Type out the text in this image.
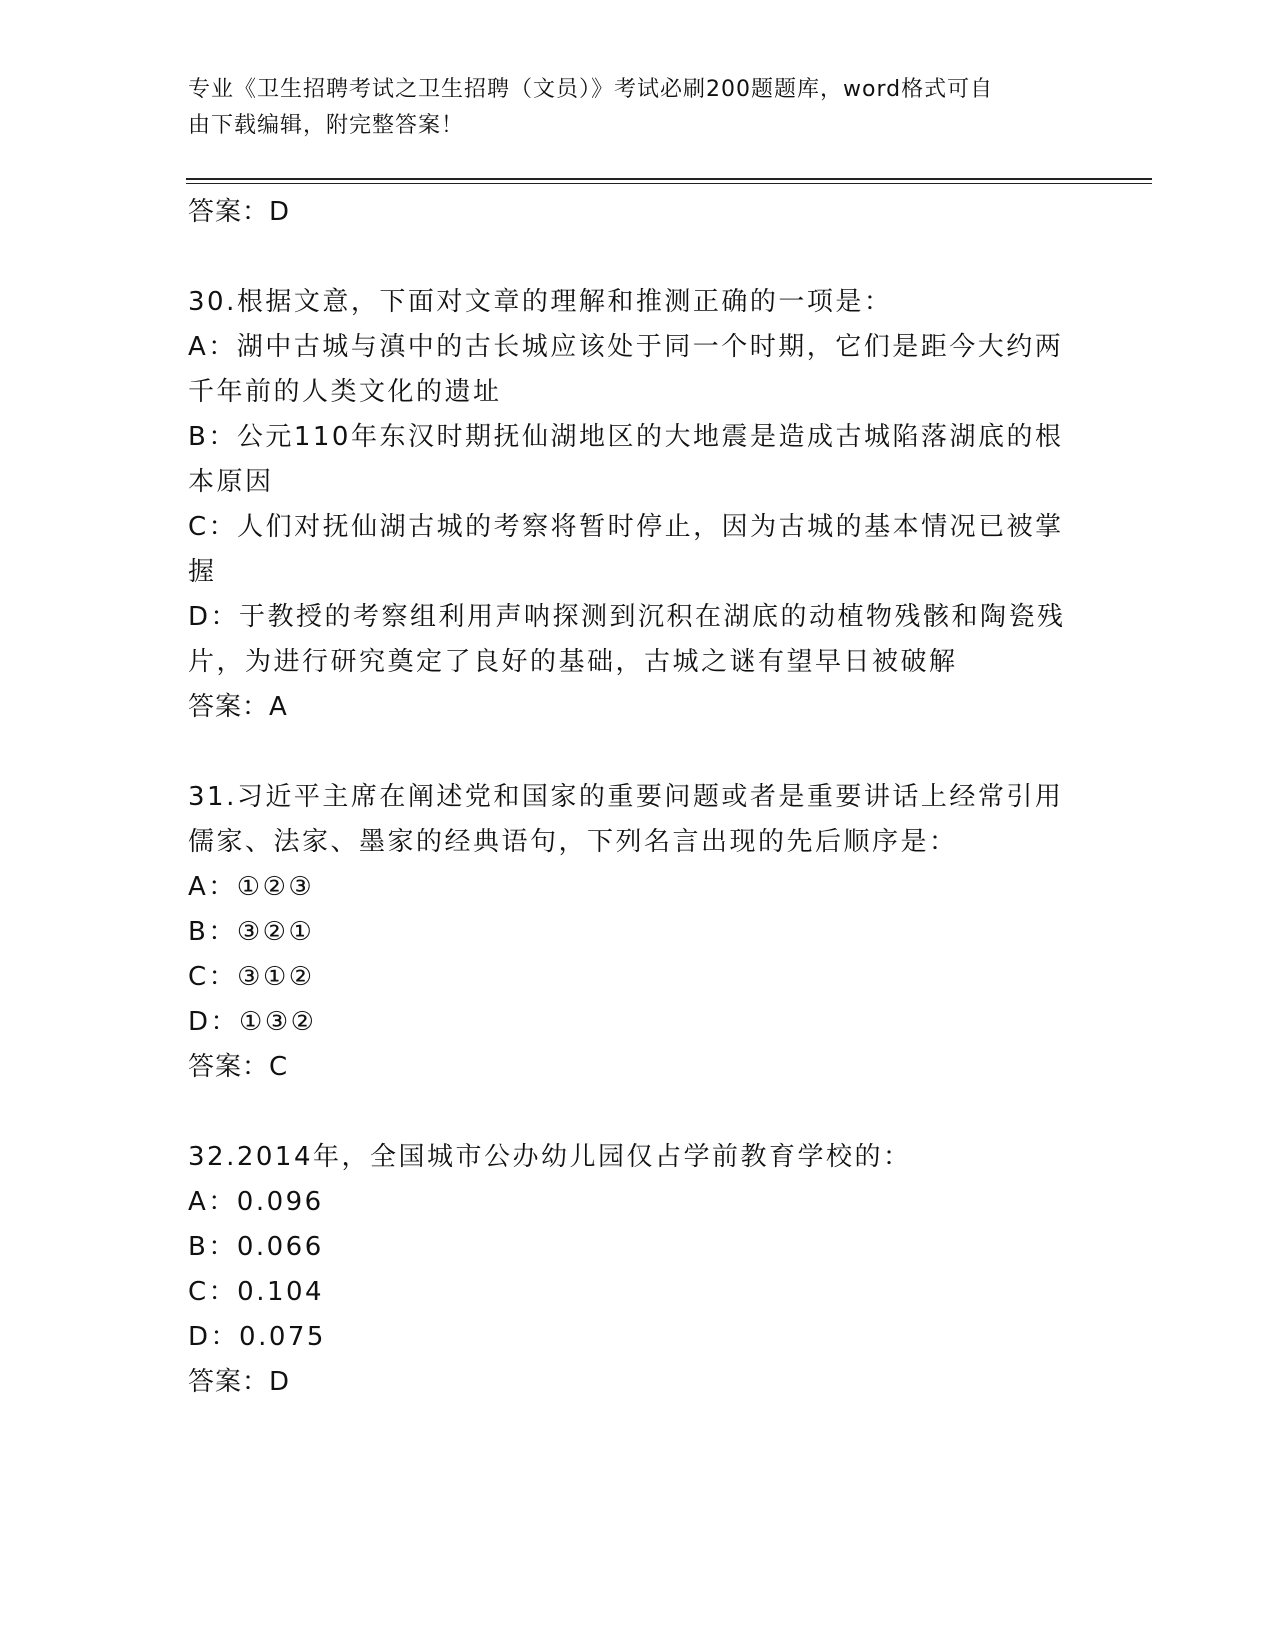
专业《卫生招聘考试之卫生招聘（文员）》考试必刷200题题库，word格式可自
由下载编辑，附完整答案！
答案：D
30.根据文意，下面对文章的理解和推测正确的一项是：
A：湖中古城与滇中的古长城应该处于同一个时期，它们是距今大约两
千年前的人类文化的遗址
B：公元110年东汉时期抚仙湖地区的大地震是造成古城陷落湖底的根
本原因
C：人们对抚仙湖古城的考察将暂时停止，因为古城的基本情况已被掌
握
D：于教授的考察组利用声呐探测到沉积在湖底的动植物残骸和陶瓷残
片，为进行研究奠定了良好的基础，古城之谜有望早日被破解
答案：A
31.习近平主席在阐述党和国家的重要问题或者是重要讲话上经常引用
儒家、法家、墨家的经典语句，下列名言出现的先后顺序是：
A：①②③
B：③②①
C：③①②
D：①③②
答案：C
32.2014年，全国城市公办幼儿园仅占学前教育学校的：
A：0.096
B：0.066
C：0.104
D：0.075
答案：D
